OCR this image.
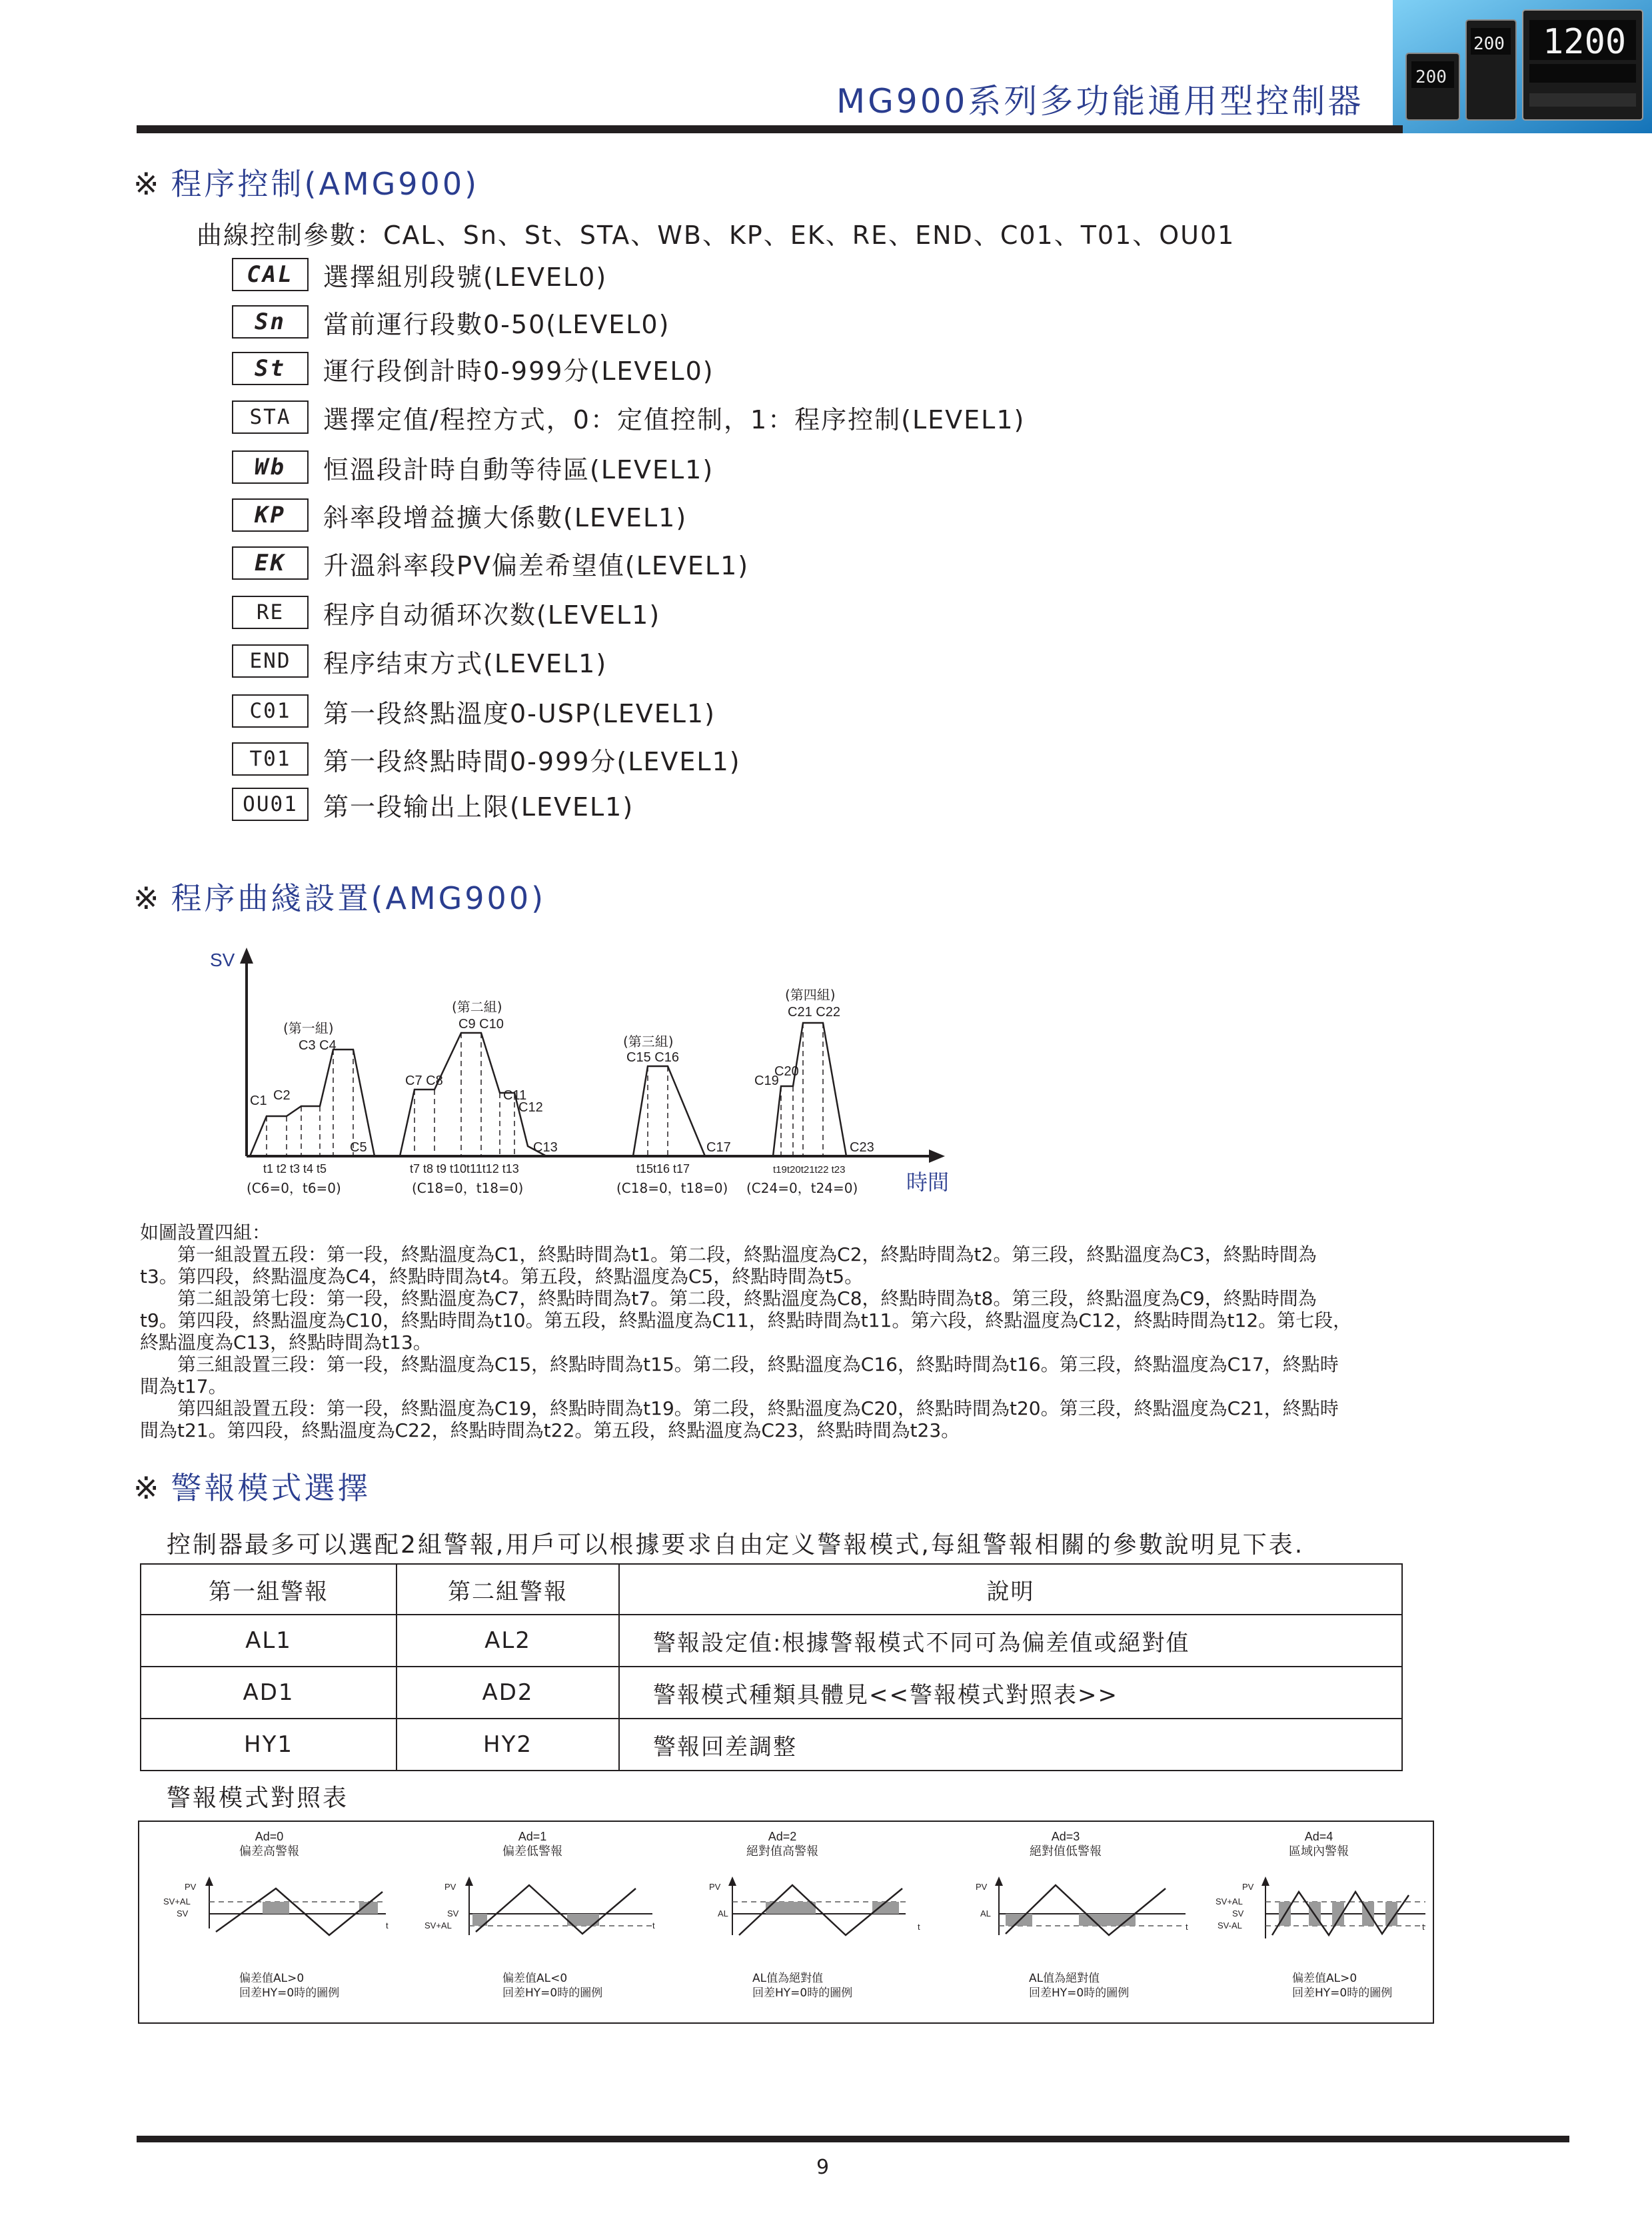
200
200 1200
MG900系列多功能通用型控制器
※ 程序控制(AMG900)
曲線控制參數：CAL、Sn、St、STA、WB、KP、EK、RE、END、C01、T01、OU01
CAL	選擇組別段號(LEVEL0)
Sn	當前運行段數0-50(LEVEL0)
St	運行段倒計時0-999分(LEVEL0)
STA	選擇定值/程控方式，0：定值控制，1：程序控制(LEVEL1)
Wb	恒溫段計時自動等待區(LEVEL1)
KP	斜率段增益擴大係數(LEVEL1)
EK	升溫斜率段PV偏差希望值(LEVEL1)
RE	程序自动循环次数(LEVEL1)
END	程序结束方式(LEVEL1)
C01	第一段終點溫度0-USP(LEVEL1)
T01	第一段終點時間0-999分(LEVEL1)
OU01	第一段输出上限(LEVEL1)
※ 程序曲綫設置(AMG900)
SV
時間
(第一組)
C3 C4
C1 C2
C5
t1 t2 t3 t4 t5
(C6=0，t6=0)
(第二組)
C9 C10
C7 C8
C11
C12
C13
t7 t8 t9 t10t11t12 t13
(C18=0，t18=0)
(第三組)
C15 C16
C17
t15t16 t17
(第四組)
C21 C22
C19
C20
C23
t19t20t21t22 t23
(C18=0，t18=0) (C24=0，t24=0)
如圖設置四組：
　　第一組設置五段：第一段，終點溫度為C1，終點時間為t1。第二段，終點溫度為C2，終點時間為t2。第三段，終點溫度為C3，終點時間為
t3。第四段，終點溫度為C4，終點時間為t4。第五段，終點溫度為C5，終點時間為t5。
　　第二組設第七段：第一段，終點溫度為C7，終點時間為t7。第二段，終點溫度為C8，終點時間為t8。第三段，終點溫度為C9，終點時間為
t9。第四段，終點溫度為C10，終點時間為t10。第五段，終點溫度為C11，終點時間為t11。第六段，終點溫度為C12，終點時間為t12。第七段，
終點溫度為C13，終點時間為t13。
　　第三組設置三段：第一段，終點溫度為C15，終點時間為t15。第二段，終點溫度為C16，終點時間為t16。第三段，終點溫度為C17，終點時
間為t17。
　　第四組設置五段：第一段，終點溫度為C19，終點時間為t19。第二段，終點溫度為C20，終點時間為t20。第三段，終點溫度為C21，終點時
間為t21。第四段，終點溫度為C22，終點時間為t22。第五段，終點溫度為C23，終點時間為t23。
※ 警報模式選擇
控制器最多可以選配2組警報,用戶可以根據要求自由定义警報模式,每組警報相關的參數說明見下表.
第一組警報	第二組警報	說明
AL1	AL2	警報設定值:根據警報模式不同可為偏差值或絕對值
AD1	AD2	警報模式種類具體見<<警報模式對照表>>
HY1	HY2	警報回差調整
警報模式對照表
Ad=0
偏差高警報
PV
t
SV+AL
SV
偏差值AL>0
回差HY=0時的圖例
Ad=1
偏差低警報
PV
t
SV
SV+AL
偏差值AL<0
回差HY=0時的圖例
Ad=2
絕對值高警報
PV
t
AL
AL值為絕對值
回差HY=0時的圖例
Ad=3
絕對值低警報
PV
t
AL
AL值為絕對值
回差HY=0時的圖例
Ad=4
區域內警報
PV
t
SV+AL
SV
SV-AL
偏差值AL>0
回差HY=0時的圖例
9
